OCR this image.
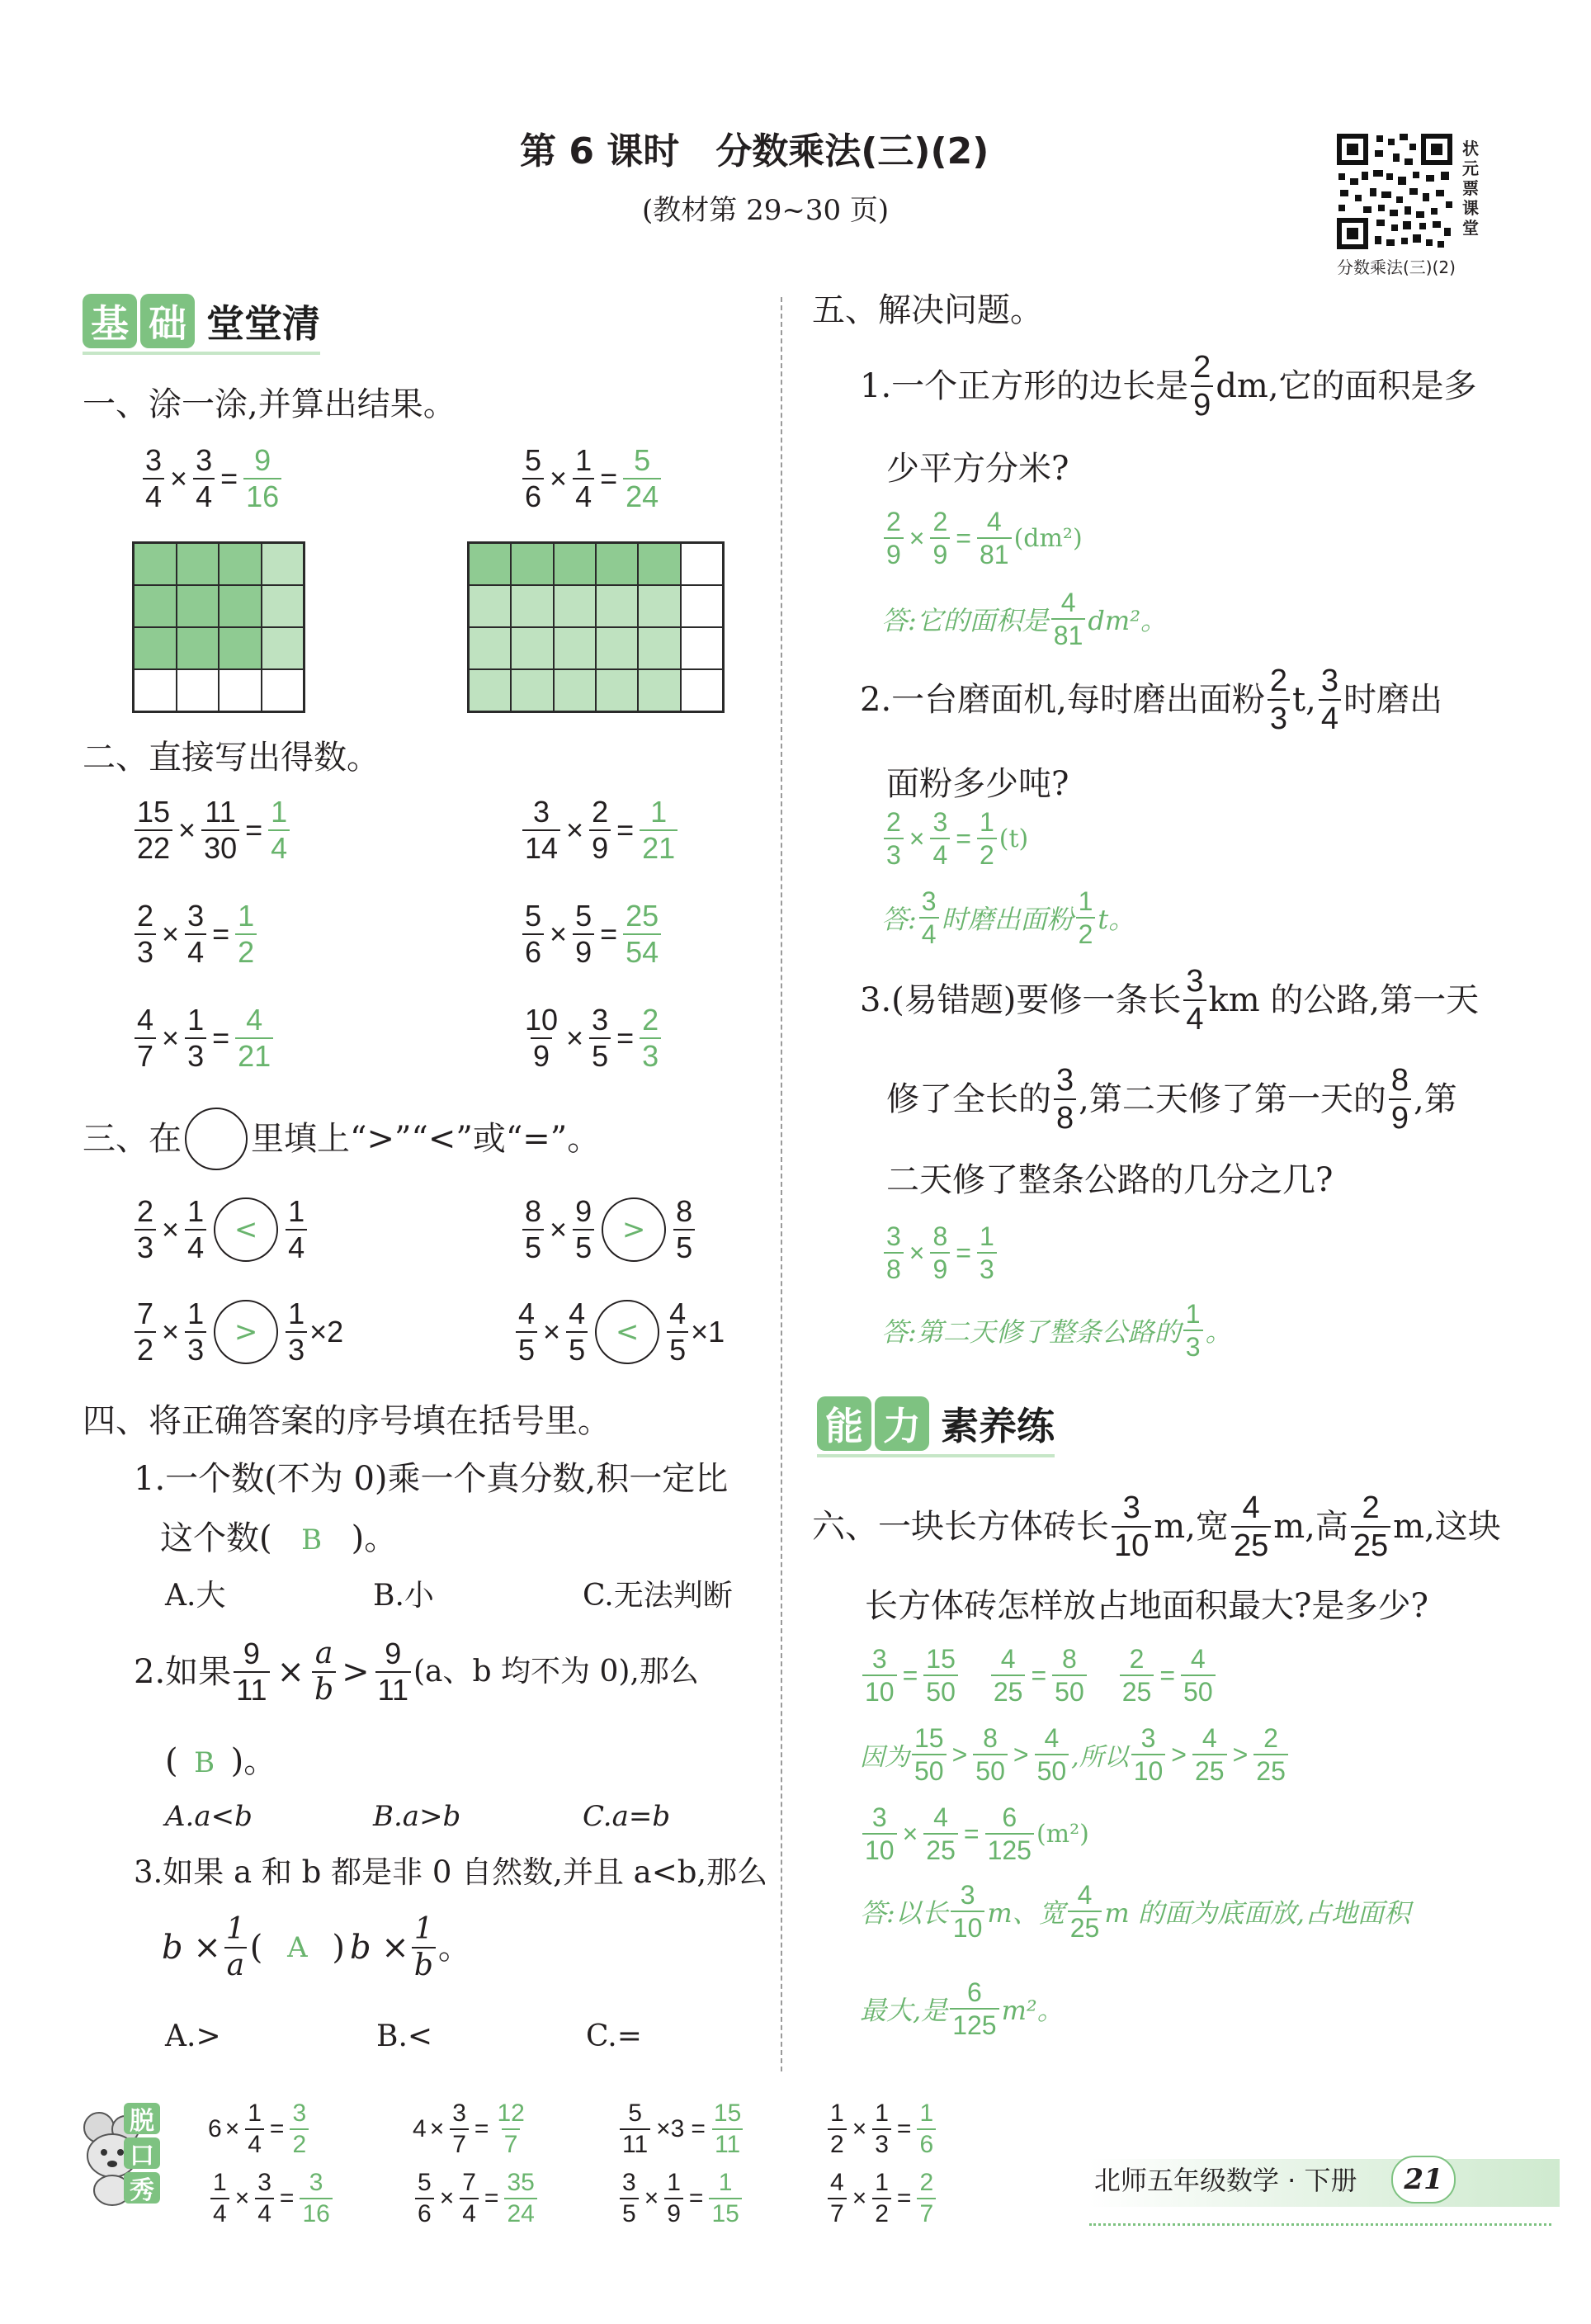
第 6 课时　分数乘法(三)(2)
(教材第 29~30 页)
状元票课堂
分数乘法(三)(2)
基 础 堂堂清
一、涂一涂,并算出结果。
$\frac{3}{4} \times \frac{3}{4} = \frac{9}{16}$	$\frac{5}{6} \times \frac{1}{4} = \frac{5}{24}$
二、直接写出得数。
$\frac{15}{22} \times \frac{11}{30} = \frac{1}{4}$	$\frac{3}{14} \times \frac{2}{9} = \frac{1}{21}$
$\frac{2}{3} \times \frac{3}{4} = \frac{1}{2}$	$\frac{5}{6} \times \frac{5}{9} = \frac{25}{54}$
$\frac{4}{7} \times \frac{1}{3} = \frac{4}{21}$	$\frac{10}{9} \times \frac{3}{5} = \frac{2}{3}$
三、在 里填上“>”“<”或“=”。
$\frac{2}{3} \times \frac{1}{4} < \frac{1}{4}$	$\frac{8}{5} \times \frac{9}{5} > \frac{8}{5}$
$\frac{7}{2} \times \frac{1}{3} > \frac{1}{3} \times 2$	$\frac{4}{5} \times \frac{4}{5} < \frac{4}{5} \times 1$
四、将正确答案的序号填在括号里。
1.一个数(不为 0)乘一个真分数,积一定比
这个数( B )。
A.大	B.小	C.无法判断
2.如果 $\frac{9}{11} \times \frac{a}{b} > \frac{9}{11} (a$、b 均不为 0),那么
( B )。
A.a<b	B.a>b	C.a=b
3.如果 a 和 b 都是非 0 自然数,并且 a<b,那么
$b \times \frac{1}{a}$ ( A ) $b \times \frac{1}{b}$ 。
A.>	B.<	C.=
五、解决问题。
1.一个正方形的边长是 $\frac{2}{9}$ dm,它的面积是多
少平方分米?
$\frac{2}{9} \times \frac{2}{9} = \frac{4}{81} (dm^2)$
答:它的面积是 $\frac{4}{81} dm^2$。
2.一台磨面机,每时磨出面粉 $\frac{2}{3} t$, $\frac{3}{4}$ 时磨出
面粉多少吨?
$\frac{2}{3} \times \frac{3}{4} = \frac{1}{2} (t)$
答: $\frac{3}{4}$ 时磨出面粉 $\frac{1}{2}$ t。
3.(易错题)要修一条长 $\frac{3}{4}$ km 的公路,第一天
修了全长的 $\frac{3}{8}$ ,第二天修了第一天的 $\frac{8}{9}$ ,第
二天修了整条公路的几分之几?
$\frac{3}{8} \times \frac{8}{9} = \frac{1}{3}$
答:第二天修了整条公路的 $\frac{1}{3}$ 。
能 力 素养练
六、一块长方体砖长 $\frac{3}{10} m$,宽 $\frac{4}{25} m$,高 $\frac{2}{25} m$,这块
长方体砖怎样放占地面积最大?是多少?
$\frac{3}{10} = \frac{15}{50} \frac{4}{25} = \frac{8}{50} \frac{2}{25} = \frac{4}{50}$
因为 $\frac{15}{50} > \frac{8}{50} > \frac{4}{50}$ ,所以 $\frac{3}{10} > \frac{4}{25} > \frac{2}{25}$
$\frac{3}{10} \times \frac{4}{25} = \frac{6}{125} (m^2)$
答:以长 $\frac{3}{10}$ m、宽 $\frac{4}{25}$ m 的面为底面放,占地面积
最大,是 $\frac{6}{125} m^2$。
脱
口
秀
$6 \times \frac{1}{4} = \frac{3}{2}$	$4 \times \frac{3}{7} = \frac{12}{7}$	$\frac{5}{11} \times 3 = \frac{15}{11}$	$\frac{1}{2} \times \frac{1}{3} = \frac{1}{6}$
$\frac{1}{4} \times \frac{3}{4} = \frac{3}{16}$	$\frac{5}{6} \times \frac{7}{4} = \frac{35}{24}$	$\frac{3}{5} \times \frac{1}{9} = \frac{1}{15}$	$\frac{4}{7} \times \frac{1}{2} = \frac{2}{7}$	北师五年级数学 · 下册	21
